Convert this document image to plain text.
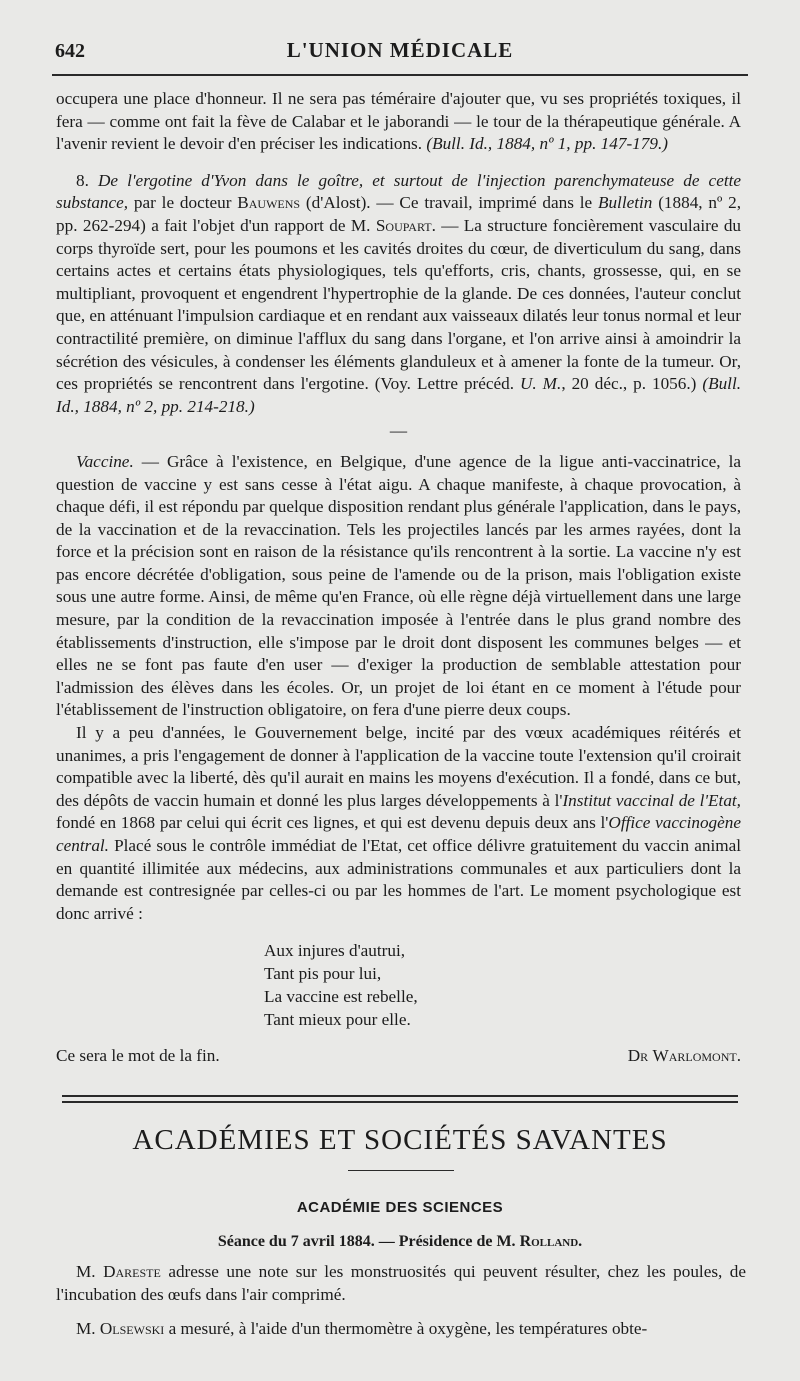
642	L'UNION MÉDICALE

occupera une place d'honneur. Il ne sera pas téméraire d'ajouter que, vu ses propriétés toxiques, il fera — comme ont fait la fève de Calabar et le jaborandi — le tour de la thérapeutique générale. A l'avenir revient le devoir d'en préciser les indications. (Bull. Id., 1884, nº 1, pp. 147-179.)

8. De l'ergotine d'Yvon dans le goître, et surtout de l'injection parenchymateuse de cette substance, par le docteur Bauwens (d'Alost). — Ce travail, imprimé dans le Bulletin (1884, nº 2, pp. 262-294) a fait l'objet d'un rapport de M. Soupart. — La structure foncièrement vasculaire du corps thyroïde sert, pour les poumons et les cavités droites du cœur, de diverticulum du sang, dans certains actes et certains états physiologiques, tels qu'efforts, cris, chants, grossesse, qui, en se multipliant, provoquent et engendrent l'hypertrophie de la glande. De ces données, l'auteur conclut que, en atténuant l'impulsion cardiaque et en rendant aux vaisseaux dilatés leur tonus normal et leur contractilité première, on diminue l'afflux du sang dans l'organe, et l'on arrive ainsi à amoindrir la sécrétion des vésicules, à condenser les éléments glanduleux et à amener la fonte de la tumeur. Or, ces propriétés se rencontrent dans l'ergotine. (Voy. Lettre précéd. U. M., 20 déc., p. 1056.) (Bull. Id., 1884, nº 2, pp. 214-218.)

—

Vaccine. — Grâce à l'existence, en Belgique, d'une agence de la ligue anti-vaccinatrice, la question de vaccine y est sans cesse à l'état aigu. A chaque manifeste, à chaque provocation, à chaque défi, il est répondu par quelque disposition rendant plus générale l'application, dans le pays, de la vaccination et de la revaccination. Tels les projectiles lancés par les armes rayées, dont la force et la précision sont en raison de la résistance qu'ils rencontrent à la sortie. La vaccine n'y est pas encore décrétée d'obligation, sous peine de l'amende ou de la prison, mais l'obligation existe sous une autre forme. Ainsi, de même qu'en France, où elle règne déjà virtuellement dans une large mesure, par la condition de la revaccination imposée à l'entrée dans le plus grand nombre des établissements d'instruction, elle s'impose par le droit dont disposent les communes belges — et elles ne se font pas faute d'en user — d'exiger la production de semblable attestation pour l'admission des élèves dans les écoles. Or, un projet de loi étant en ce moment à l'étude pour l'établissement de l'instruction obligatoire, on fera d'une pierre deux coups.

Il y a peu d'années, le Gouvernement belge, incité par des vœux académiques réitérés et unanimes, a pris l'engagement de donner à l'application de la vaccine toute l'extension qu'il croirait compatible avec la liberté, dès qu'il aurait en mains les moyens d'exécution. Il a fondé, dans ce but, des dépôts de vaccin humain et donné les plus larges développements à l'Institut vaccinal de l'Etat, fondé en 1868 par celui qui écrit ces lignes, et qui est devenu depuis deux ans l'Office vaccinogène central. Placé sous le contrôle immédiat de l'Etat, cet office délivre gratuitement du vaccin animal en quantité illimitée aux médecins, aux administrations communales et aux particuliers dont la demande est contresignée par celles-ci ou par les hommes de l'art. Le moment psychologique est donc arrivé :

Aux injures d'autrui,
Tant pis pour lui,
La vaccine est rebelle,
Tant mieux pour elle.
Ce sera le mot de la fin.	Dr Warlomont.
ACADÉMIES ET SOCIÉTÉS SAVANTES
ACADÉMIE DES SCIENCES
Séance du 7 avril 1884. — Présidence de M. Rolland.

M. Dareste adresse une note sur les monstruosités qui peuvent résulter, chez les poules, de l'incubation des œufs dans l'air comprimé.

M. Olsewski a mesuré, à l'aide d'un thermomètre à oxygène, les températures obte-
